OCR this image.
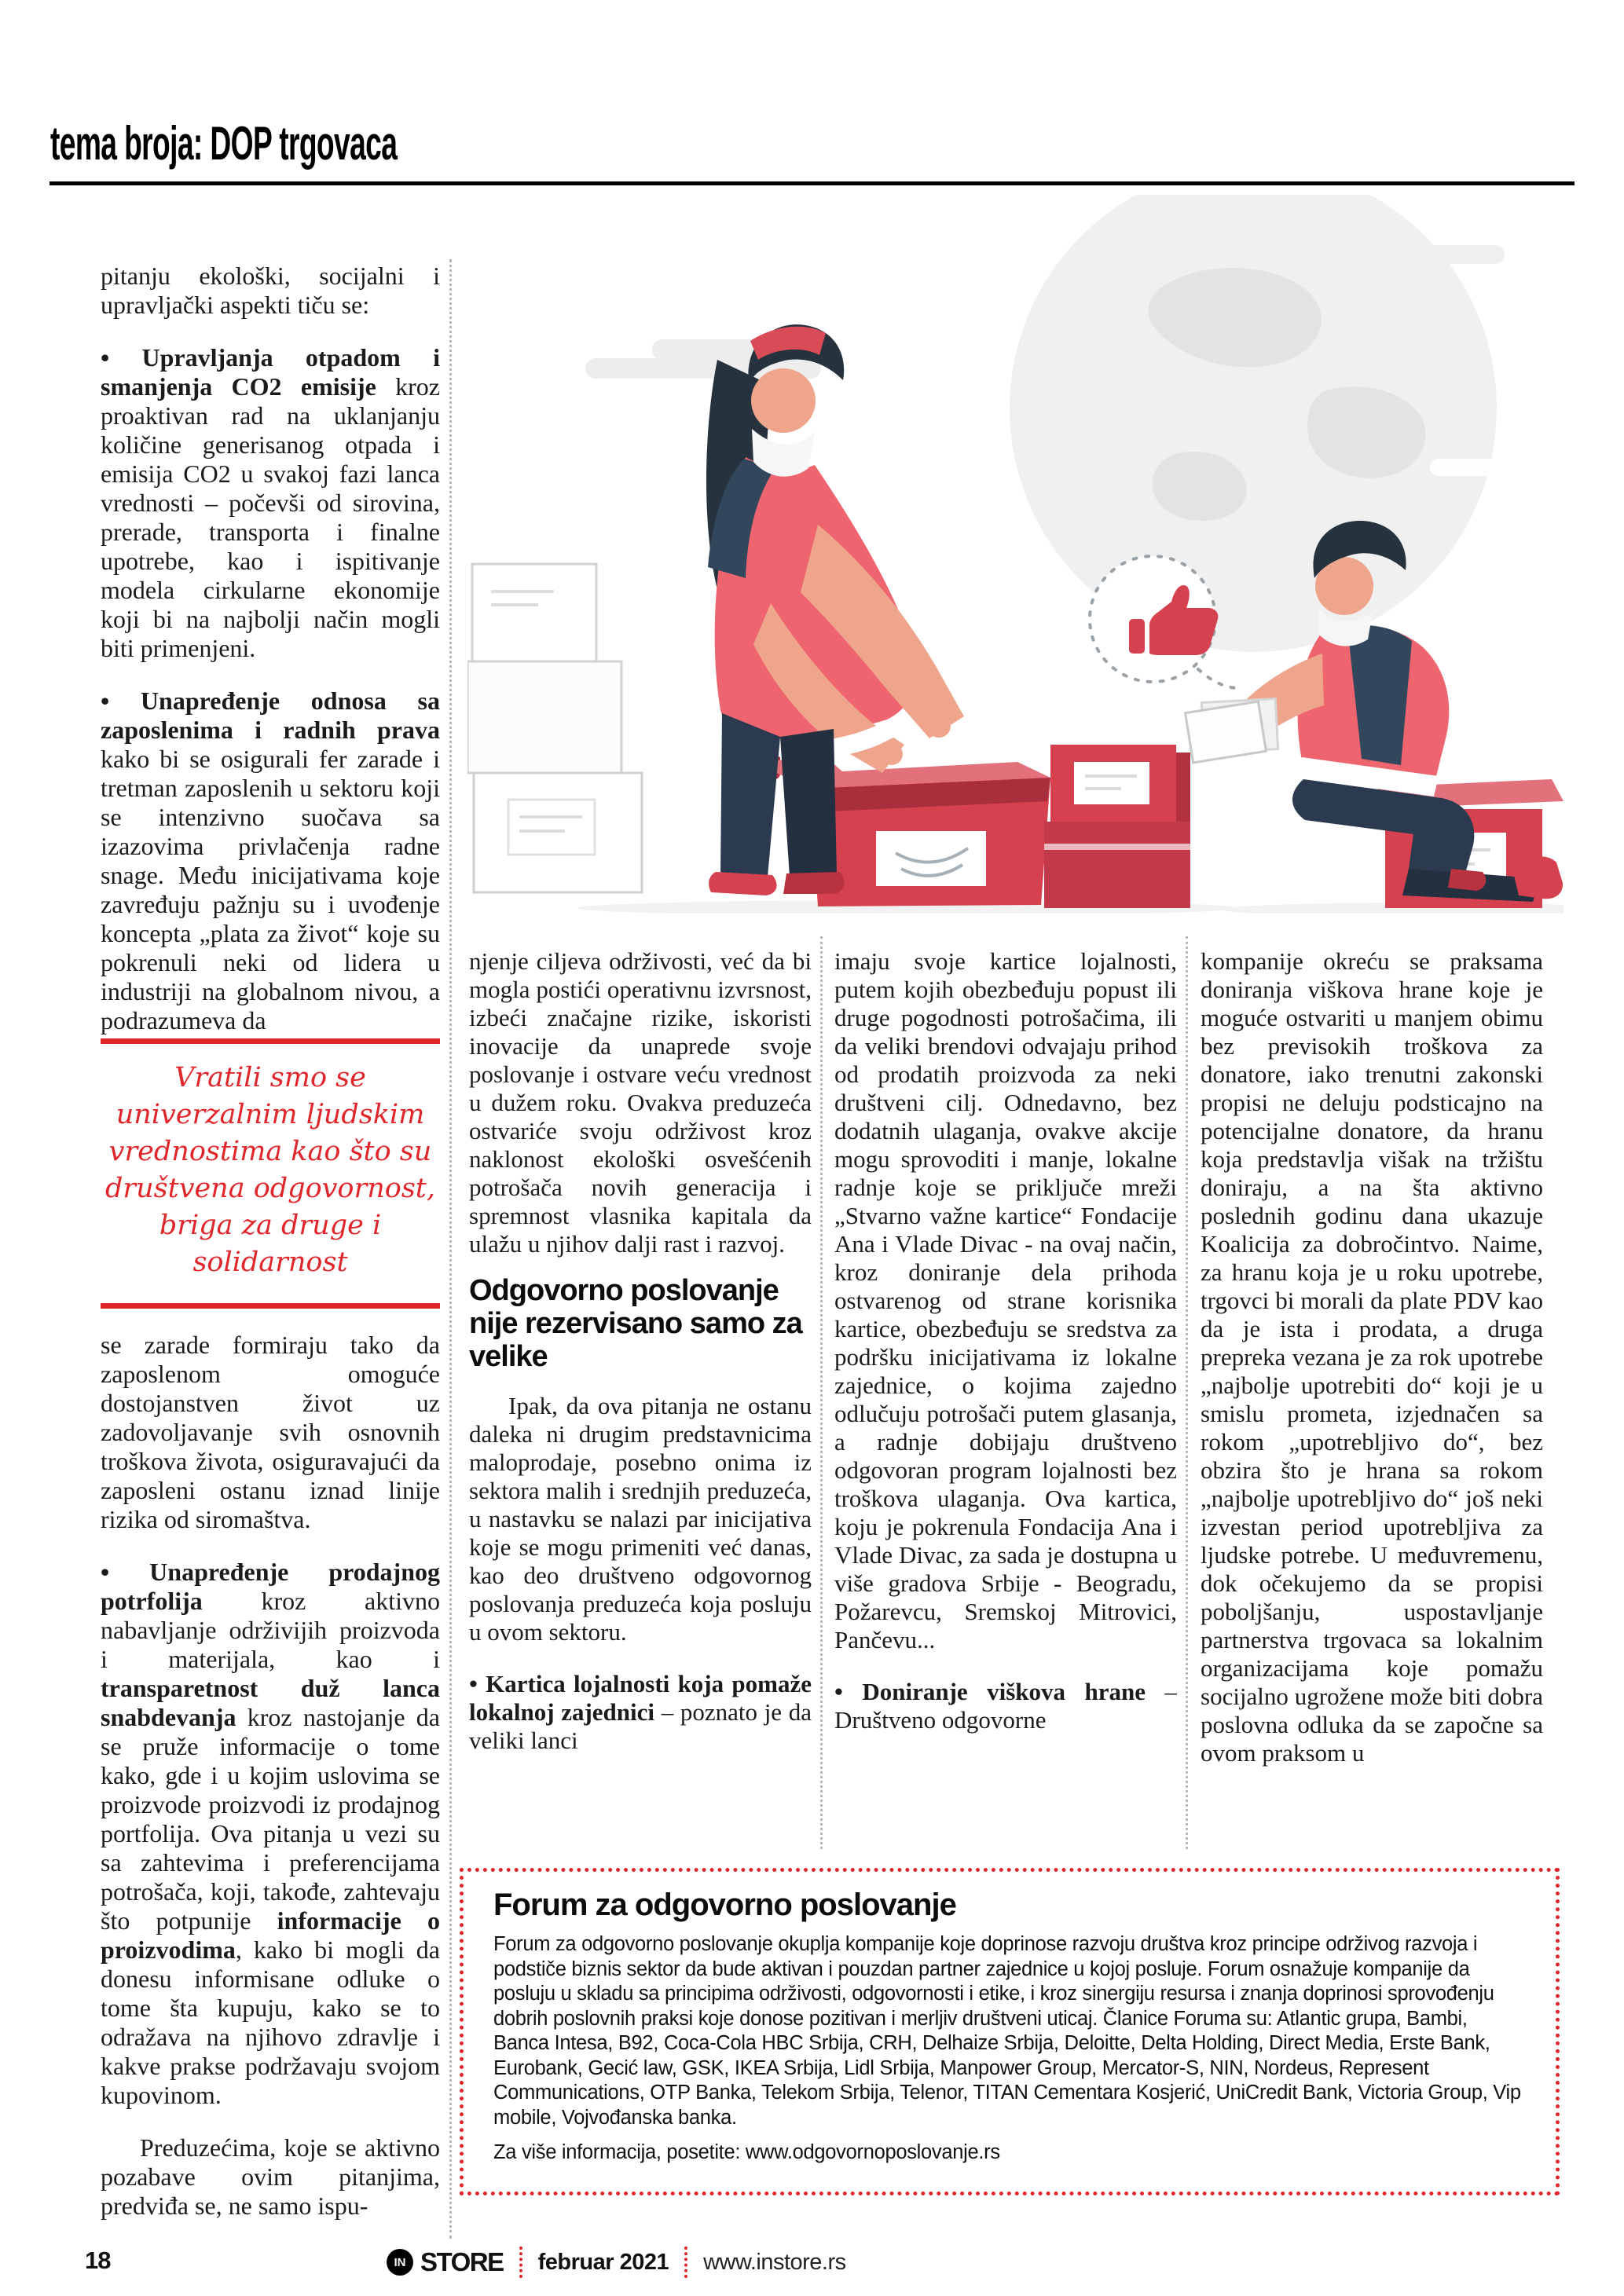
tema broja: DOP trgovaca

pitanju ekološki, socijalni i upravljački aspekti tiču se:

• Upravljanja otpadom i smanjenja CO2 emisije kroz proaktivan rad na uklanjanju količine generisanog otpada i emisija CO2 u svakoj fazi lanca vrednosti – počevši od sirovina, prerade, transporta i finalne upotrebe, kao i ispitivanje modela cirkularne ekonomije koji bi na najbolji način mogli biti primenjeni.

• Unapređenje odnosa sa zaposlenima i radnih prava kako bi se osigurali fer zarade i tretman zaposlenih u sektoru koji se intenzivno suočava sa izazovima privlačenja radne snage. Među inicijativama koje zavređuju pažnju su i uvođenje koncepta „plata za život“ koje su pokrenuli neki od lidera u industriji na globalnom nivou, a podrazumeva da

Vratili smo se univerzalnim ljudskim vrednostima kao što su društvena odgovornost, briga za druge i solidarnost

se zarade formiraju tako da zaposlenom omoguće dostojanstven život uz zadovoljavanje svih osnovnih troškova života, osiguravajući da zaposleni ostanu iznad linije rizika od siromaštva.

• Unapređenje prodajnog potrfolija kroz aktivno nabavljanje održivijih proizvoda i materijala, kao i transparetnost duž lanca snabdevanja kroz nastojanje da se pruže informacije o tome kako, gde i u kojim uslovima se proizvode proizvodi iz prodajnog portfolija. Ova pitanja u vezi su sa zahtevima i preferencijama potrošača, koji, takođe, zahtevaju što potpunije informacije o proizvodima, kako bi mogli da donesu informisane odluke o tome šta kupuju, kako se to odražava na njihovo zdravlje i kakve prakse podržavaju svojom kupovinom.

Preduzećima, koje se aktivno pozabave ovim pitanjima, predviđa se, ne samo ispu-

njenje ciljeva održivosti, već da bi mogla postići operativnu izvrsnost, izbeći značajne rizike, iskoristi inovacije da unaprede svoje poslovanje i ostvare veću vrednost u dužem roku. Ovakva preduzeća ostvariće svoju održivost kroz naklonost ekološki osvešćenih potrošača novih generacija i spremnost vlasnika kapitala da ulažu u njihov dalji rast i razvoj.

Odgovorno poslovanje nije rezervisano samo za velike

Ipak, da ova pitanja ne ostanu daleka ni drugim predstavnicima maloprodaje, posebno onima iz sektora malih i srednjih preduzeća, u nastavku se nalazi par inicijativa koje se mogu primeniti već danas, kao deo društveno odgovornog poslovanja preduzeća koja posluju u ovom sektoru.

• Kartica lojalnosti koja pomaže lokalnoj zajednici – poznato je da veliki lanci

imaju svoje kartice lojalnosti, putem kojih obezbeđuju popust ili druge pogodnosti potrošačima, ili da veliki brendovi odvajaju prihod od prodatih proizvoda za neki društveni cilj. Odnedavno, bez dodatnih ulaganja, ovakve akcije mogu sprovoditi i manje, lokalne radnje koje se priključe mreži „Stvarno važne kartice“ Fondacije Ana i Vlade Divac - na ovaj način, kroz doniranje dela prihoda ostvarenog od strane korisnika kartice, obezbeđuju se sredstva za podršku inicijativama iz lokalne zajednice, o kojima zajedno odlučuju potrošači putem glasanja, a radnje dobijaju društveno odgovoran program lojalnosti bez troškova ulaganja. Ova kartica, koju je pokrenula Fondacija Ana i Vlade Divac, za sada je dostupna u više gradova Srbije - Beogradu, Požarevcu, Sremskoj Mitrovici, Pančevu...

• Doniranje viškova hrane – Društveno odgovorne

kompanije okreću se praksama doniranja viškova hrane koje je moguće ostvariti u manjem obimu bez previsokih troškova za donatore, iako trenutni zakonski propisi ne deluju podsticajno na potencijalne donatore, da hranu koja predstavlja višak na tržištu doniraju, a na šta aktivno poslednih godinu dana ukazuje Koalicija za dobročintvo. Naime, za hranu koja je u roku upotrebe, trgovci bi morali da plate PDV kao da je ista i prodata, a druga prepreka vezana je za rok upotrebe „najbolje upotrebiti do“ koji je u smislu prometa, izjednačen sa rokom „upotrebljivo do“, bez obzira što je hrana sa rokom „najbolje upotrebljivo do“ još neki izvestan period upotrebljiva za ljudske potrebe. U međuvremenu, dok očekujemo da se propisi poboljšanju, uspostavljanje partnerstva trgovaca sa lokalnim organizacijama koje pomažu socijalno ugrožene može biti dobra poslovna odluka da se započne sa ovom praksom u

Forum za odgovorno poslovanje
Forum za odgovorno poslovanje okuplja kompanije koje doprinose razvoju društva kroz principe održivog razvoja i podstiče biznis sektor da bude aktivan i pouzdan partner zajednice u kojoj posluje. Forum osnažuje kompanije da posluju u skladu sa principima održivosti, odgovornosti i etike, i kroz sinergiju resursa i znanja doprinosi sprovođenju dobrih poslovnih praksi koje donose pozitivan i merljiv društveni uticaj. Članice Foruma su: Atlantic grupa, Bambi, Banca Intesa, B92, Coca-Cola HBC Srbija, CRH, Delhaize Srbija, Deloitte, Delta Holding, Direct Media, Erste Bank, Eurobank, Gecić law, GSK, IKEA Srbija, Lidl Srbija, Manpower Group, Mercator-S, NIN, Nordeus, Represent Communications, OTP Banka, Telekom Srbija, Telenor, TITAN Cementara Kosjerić, UniCredit Bank, Victoria Group, Vip mobile, Vojvođanska banka.
Za više informacija, posetite: www.odgovornoposlovanje.rs
18	IN STORE februar 2021 www.instore.rs
